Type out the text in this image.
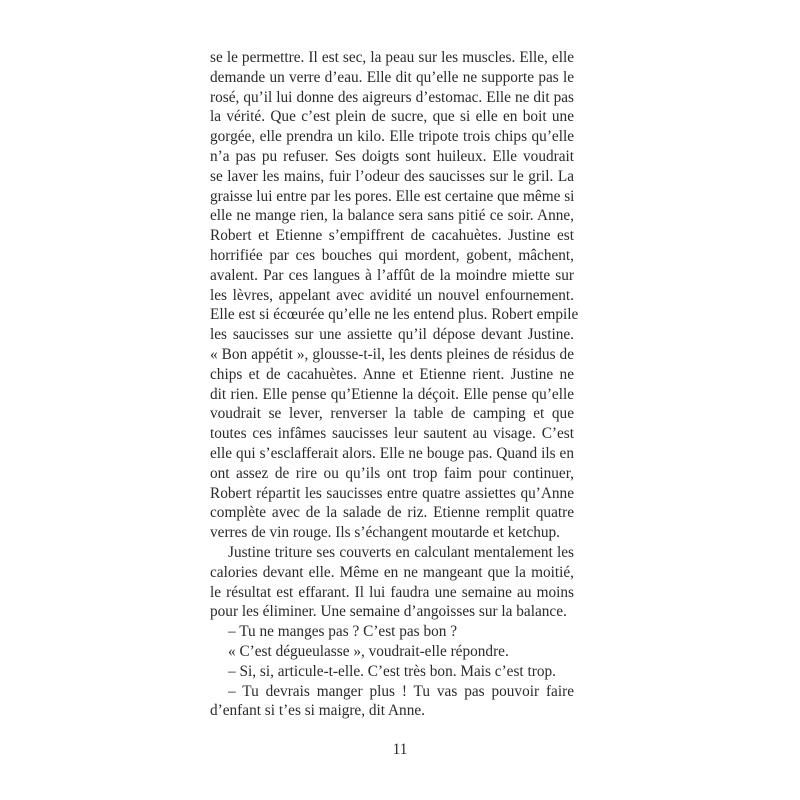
se le permettre. Il est sec, la peau sur les muscles. Elle, elle
demande un verre d’eau. Elle dit qu’elle ne supporte pas le
rosé, qu’il lui donne des aigreurs d’estomac. Elle ne dit pas
la vérité. Que c’est plein de sucre, que si elle en boit une
gorgée, elle prendra un kilo. Elle tripote trois chips qu’elle
n’a pas pu refuser. Ses doigts sont huileux. Elle voudrait
se laver les mains, fuir l’odeur des saucisses sur le gril. La
graisse lui entre par les pores. Elle est certaine que même si
elle ne mange rien, la balance sera sans pitié ce soir. Anne,
Robert et Etienne s’empiffrent de cacahuètes. Justine est
horrifiée par ces bouches qui mordent, gobent, mâchent,
avalent. Par ces langues à l’affût de la moindre miette sur
les lèvres, appelant avec avidité un nouvel enfournement.
Elle est si écœurée qu’elle ne les entend plus. Robert empile
les saucisses sur une assiette qu’il dépose devant Justine.
« Bon appétit », glousse-t-il, les dents pleines de résidus de
chips et de cacahuètes. Anne et Etienne rient. Justine ne
dit rien. Elle pense qu’Etienne la déçoit. Elle pense qu’elle
voudrait se lever, renverser la table de camping et que
toutes ces infâmes saucisses leur sautent au visage. C’est
elle qui s’esclafferait alors. Elle ne bouge pas. Quand ils en
ont assez de rire ou qu’ils ont trop faim pour continuer,
Robert répartit les saucisses entre quatre assiettes qu’Anne
complète avec de la salade de riz. Etienne remplit quatre
verres de vin rouge. Ils s’échangent moutarde et ketchup.
Justine triture ses couverts en calculant mentalement les
calories devant elle. Même en ne mangeant que la moitié,
le résultat est effarant. Il lui faudra une semaine au moins
pour les éliminer. Une semaine d’angoisses sur la balance.
– Tu ne manges pas ? C’est pas bon ?
« C’est dégueulasse », voudrait-elle répondre.
– Si, si, articule-t-elle. C’est très bon. Mais c’est trop.
– Tu devrais manger plus ! Tu vas pas pouvoir faire
d’enfant si t’es si maigre, dit Anne.
11
